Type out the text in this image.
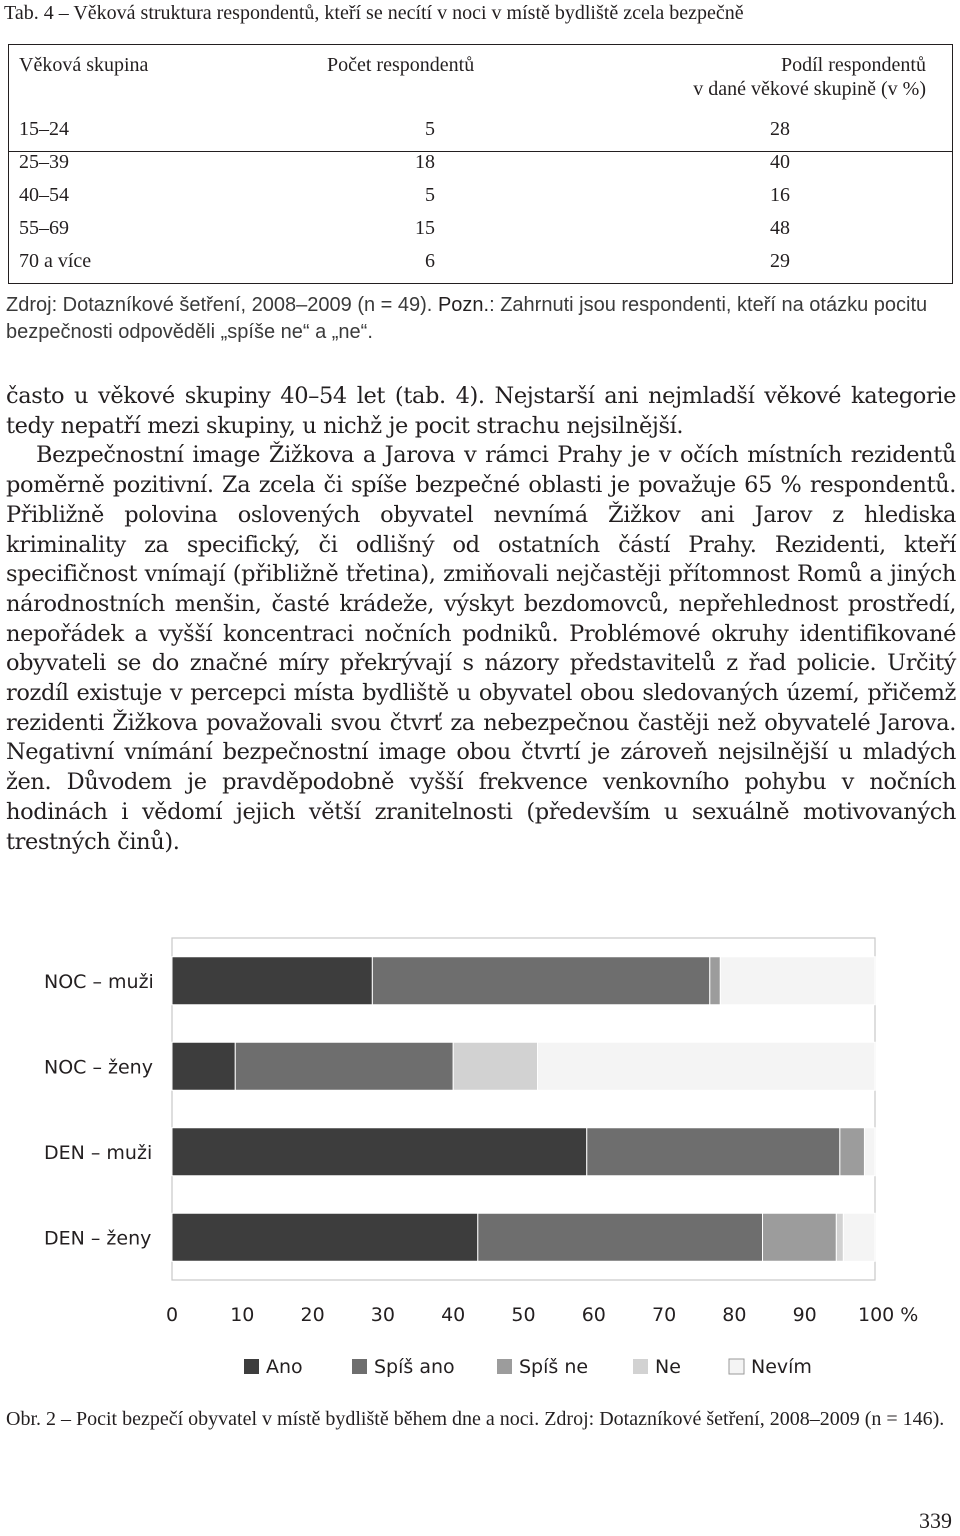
Tab. 4 – Věková struktura respondentů, kteří se necítí v noci v místě bydliště zcela bezpečně
Věková skupina	Počet respondentů	Podíl respondentů
v dané věkové skupině (v %)
15–24	5	28
25–39	18	40
40–54	5	16
55–69	15	48
70 a více	6	29
Zdroj: Dotazníkové šetření, 2008–2009 (n = 49). Pozn.: Zahrnuti jsou respondenti, kteří na otázku pocitu bezpečnosti odpověděli „spíše ne“ a „ne“.

často u věkové skupiny 40–54 let (tab. 4). Nejstarší ani nejmladší věkové kategorie tedy nepatří mezi skupiny, u nichž je pocit strachu nejsilnější.

Bezpečnostní image Žižkova a Jarova v rámci Prahy je v očích místních rezidentů poměrně pozitivní. Za zcela či spíše bezpečné oblasti je považuje 65 % respondentů. Přibližně polovina oslovených obyvatel nevnímá Žižkov ani Jarov z hlediska kriminality za specifický, či odlišný od ostatních částí Prahy. Rezidenti, kteří specifičnost vnímají (přibližně třetina), zmiňovali nejčastěji přítomnost Romů a jiných národnostních menšin, časté krádeže, výskyt bezdomovců, nepřehlednost prostředí, nepořádek a vyšší koncentraci nočních podniků. Problémové okruhy identifikované obyvateli se do značné míry překrývají s názory představitelů z řad policie. Určitý rozdíl existuje v percepci místa bydliště u obyvatel obou sledovaných území, přičemž rezidenti Žižkova považovali svou čtvrť za nebezpečnou častěji než obyvatelé Jarova. Negativní vnímání bezpečnostní image obou čtvrtí je zároveň nejsilnější u mladých žen. Důvodem je pravděpodobně vyšší frekvence venkovního pohybu v nočních hodinách i vědomí jejich větší zranitelnosti (především u sexuálně motivovaných trestných činů).

NOC – muži
NOC – ženy
DEN – muži
DEN – ženy
0	10 20 30 40 50 60 70 80 90 100 %
Ano	Spíš ano	Spíš ne	Ne	Nevím
Obr. 2 – Pocit bezpečí obyvatel v místě bydliště během dne a noci. Zdroj: Dotazníkové šetření, 2008–2009 (n = 146).
339
